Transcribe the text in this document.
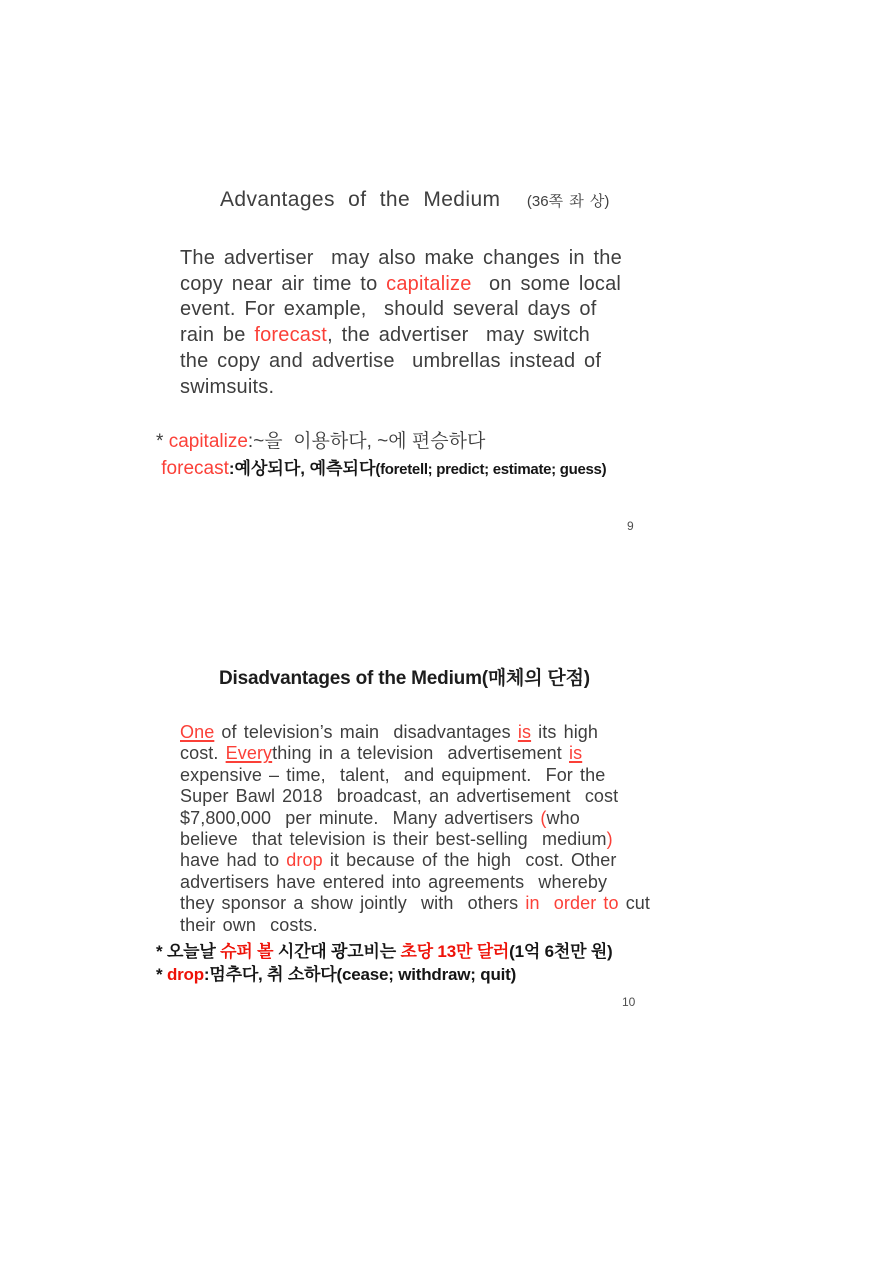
Advantages of the Medium (36쪽 좌 상)
The advertiser  may also make changes in the
copy near air time to capitalize  on some local
event. For example,  should several days of
rain be forecast, the advertiser  may switch
the copy and advertise  umbrellas instead of
swimsuits.
* capitalize:~을  이용하다, ~에 편승하다
forecast:예상되다, 예측되다(foretell; predict; estimate; guess)
9
Disadvantages of the Medium(매체의 단점)
One of television’s main  disadvantages is its high
cost. Everything in a television  advertisement is
expensive – time,  talent,  and equipment.  For the
Super Bawl 2018  broadcast, an advertisement  cost
$7,800,000  per minute.  Many advertisers (who
believe  that television is their best-selling  medium)
have had to drop it because of the high  cost. Other
advertisers have entered into agreements  whereby
they sponsor a show jointly  with  others in  order to cut
their own  costs.
* 오늘날 슈퍼 볼 시간대 광고비는 초당 13만 달러(1억 6천만 원)
* drop:멈추다, 취 소하다(cease; withdraw; quit)
10
